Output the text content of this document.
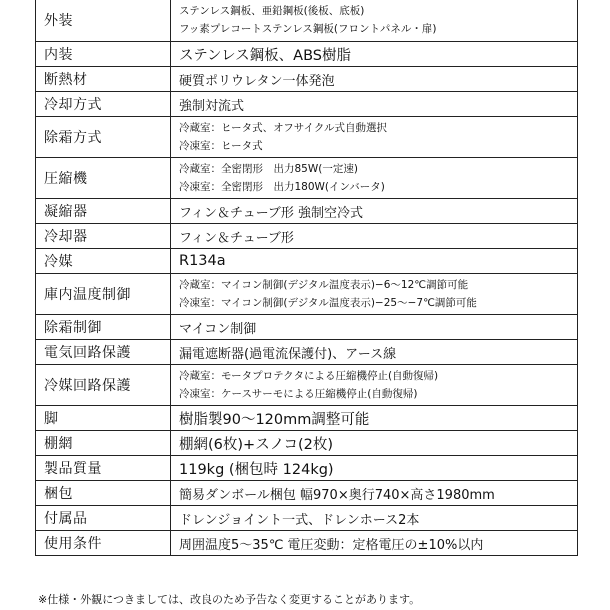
外装	ステンレス鋼板、亜鉛鋼板(後板、底板)
フッ素プレコートステンレス鋼板(フロントパネル・扉)

内装	ステンレス鋼板、ABS樹脂
断熱材	硬質ポリウレタン一体発泡
冷却方式	強制対流式
除霜方式	冷蔵室：ヒータ式、オフサイクル式自動選択
冷凍室：ヒータ式

圧縮機	冷蔵室：全密閉形　出力85W(一定速)
冷凍室：全密閉形　出力180W(インバータ)

凝縮器	フィン＆チューブ形 強制空冷式
冷却器	フィン＆チューブ形
冷媒	R134a
庫内温度制御	冷蔵室：マイコン制御(デジタル温度表示)−6〜12℃調節可能
冷凍室：マイコン制御(デジタル温度表示)−25〜−7℃調節可能

除霜制御	マイコン制御
電気回路保護	漏電遮断器(過電流保護付)、アース線
冷媒回路保護	冷蔵室：モータプロテクタによる圧縮機停止(自動復帰)
冷凍室：ケースサーモによる圧縮機停止(自動復帰)

脚	樹脂製90〜120mm調整可能
棚網	棚網(6枚)+スノコ(2枚)
製品質量	119kg (梱包時 124kg)
梱包	簡易ダンボール梱包 幅970×奥行740×高さ1980mm
付属品	ドレンジョイント一式、ドレンホース2本
使用条件	周囲温度5〜35℃ 電圧変動：定格電圧の±10%以内
※仕様・外観につきましては、改良のため予告なく変更することがあります。
